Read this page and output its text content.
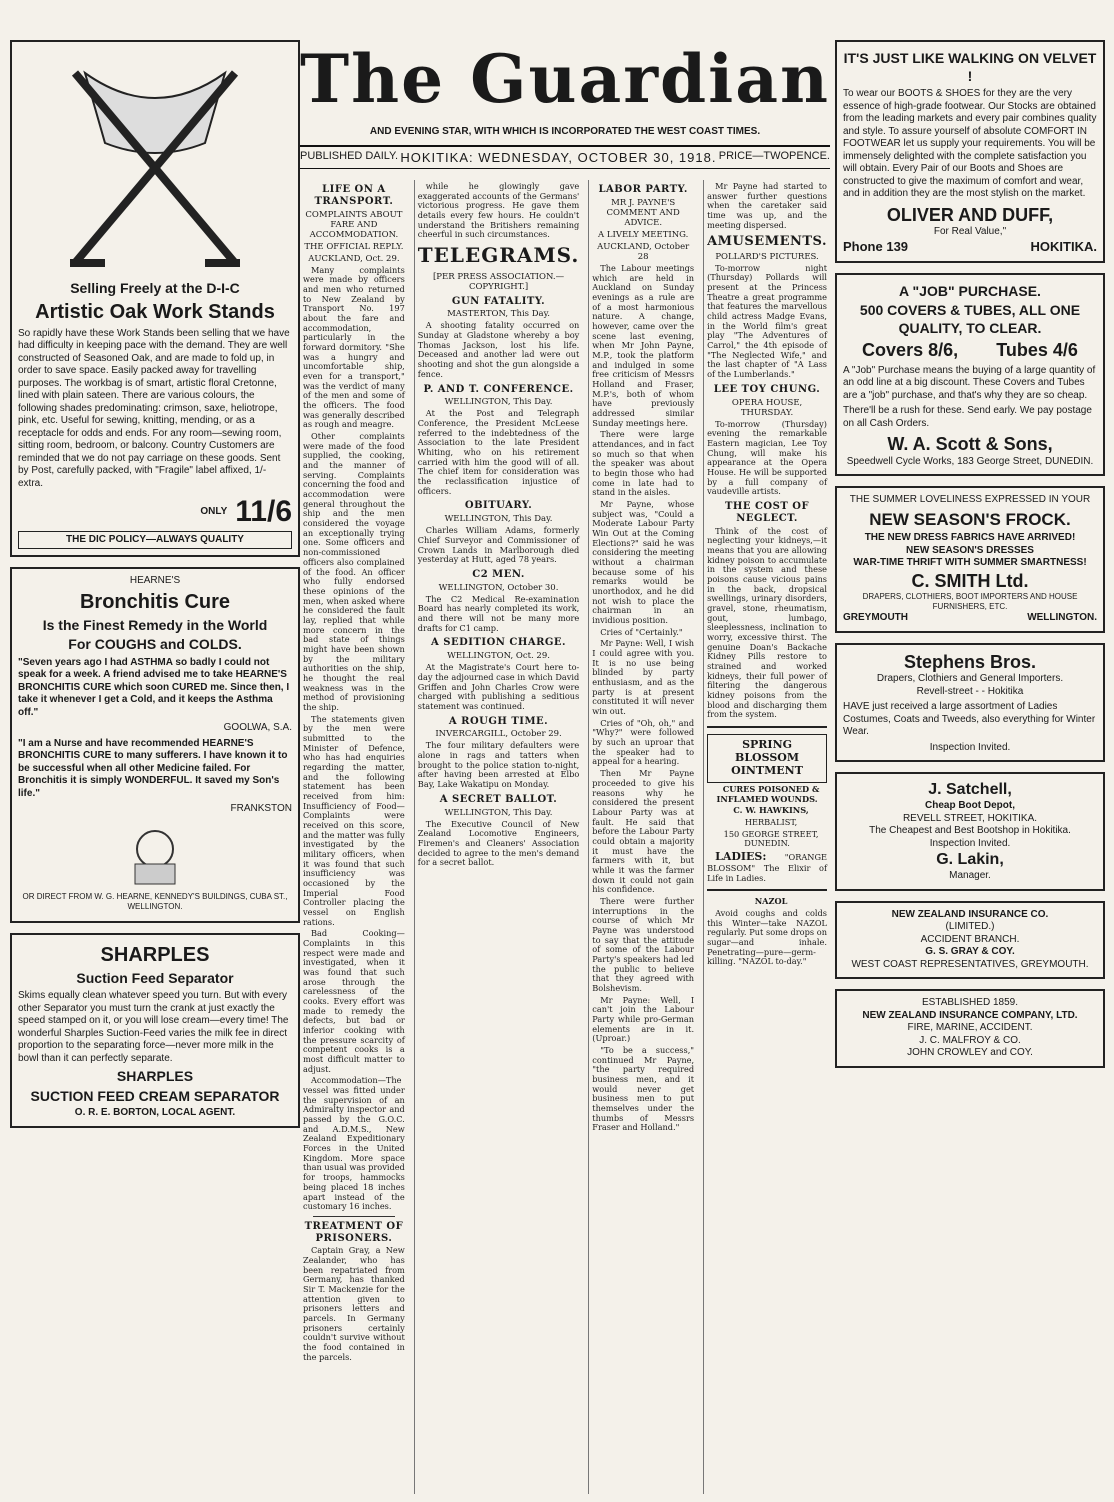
Selling Freely at the D-I-C
Artistic Oak Work Stands

So rapidly have these Work Stands been selling that we have had difficulty in keeping pace with the demand. They are well constructed of Seasoned Oak, and are made to fold up, in order to save space. Easily packed away for travelling purposes. The workbag is of smart, artistic floral Cretonne, lined with plain sateen. There are various colours, the following shades predominating: crimson, saxe, heliotrope, pink, etc. Useful for sewing, knitting, mending, or as a receptacle for odds and ends. For any room—sewing room, sitting room, bedroom, or balcony. Country Customers are reminded that we do not pay carriage on these goods. Sent by Post, carefully packed, with "Fragile" label affixed, 1/- extra.

ONLY 11/6
THE DIC POLICY—ALWAYS QUALITY
HEARNE'S
Bronchitis Cure
Is the Finest Remedy in the World
For COUGHS and COLDS.

"Seven years ago I had ASTHMA so badly I could not speak for a week. A friend advised me to take HEARNE'S BRONCHITIS CURE which soon CURED me. Since then, I take it whenever I get a Cold, and it keeps the Asthma off."

GOOLWA, S.A.

"I am a Nurse and have recommended HEARNE'S BRONCHITIS CURE to many sufferers. I have known it to be successful when all other Medicine failed. For Bronchitis it is simply WONDERFUL. It saved my Son's life."

FRANKSTON

OR DIRECT FROM W. G. HEARNE, KENNEDY'S BUILDINGS, CUBA ST., WELLINGTON.

SHARPLES
Suction Feed Separator

Skims equally clean whatever speed you turn. But with every other Separator you must turn the crank at just exactly the speed stamped on it, or you will lose cream—every time! The wonderful Sharples Suction-Feed varies the milk fee in direct proportion to the separating force—never more milk in the bowl than it can perfectly separate.

SHARPLES
SUCTION FEED CREAM SEPARATOR
O. R. E. BORTON, LOCAL AGENT.
The Guardian
AND EVENING STAR, WITH WHICH IS INCORPORATED THE WEST COAST TIMES.
PUBLISHED DAILY. HOKITIKA: WEDNESDAY, OCTOBER 30, 1918. PRICE—TWOPENCE.
LIFE ON A TRANSPORT.
COMPLAINTS ABOUT FARE AND ACCOMMODATION.
THE OFFICIAL REPLY.
AUCKLAND, Oct. 29.

Many complaints were made by officers and men who returned to New Zealand by Transport No. 197 about the fare and accommodation, particularly in the forward dormitory. "She was a hungry and uncomfortable ship, even for a transport," was the verdict of many of the men and some of the officers. The food was generally described as rough and meagre.

Other complaints were made of the food supplied, the cooking, and the manner of serving. Complaints concerning the food and accommodation were general throughout the ship and the men considered the voyage an exceptionally trying one. Some officers and non-commissioned officers also complained of the food. An officer who fully endorsed these opinions of the men, when asked where he considered the fault lay, replied that while more concern in the bad state of things might have been shown by the military authorities on the ship, he thought the real weakness was in the method of provisioning the ship.

The statements given by the men were submitted to the Minister of Defence, who has had enquiries regarding the matter, and the following statement has been received from him: Insufficiency of Food—Complaints were received on this score, and the matter was fully investigated by the military officers, when it was found that such insufficiency was occasioned by the Imperial Food Controller placing the vessel on English rations.

Bad Cooking—Complaints in this respect were made and investigated, when it was found that such arose through the carelessness of the cooks. Every effort was made to remedy the defects, but bad or inferior cooking with the pressure scarcity of competent cooks is a most difficult matter to adjust.

Accommodation—The vessel was fitted under the supervision of an Admiralty inspector and passed by the G.O.C. and A.D.M.S., New Zealand Expeditionary Forces in the United Kingdom. More space than usual was provided for troops, hammocks being placed 18 inches apart instead of the customary 16 inches.

TREATMENT OF PRISONERS.

Captain Gray, a New Zealander, who has been repatriated from Germany, has thanked Sir T. Mackenzie for the attention given to prisoners letters and parcels. In Germany prisoners certainly couldn't survive without the food contained in the parcels.

while he glowingly gave exaggerated accounts of the Germans' victorious progress. He gave them details every few hours. He couldn't understand the Britishers remaining cheerful in such circumstances.

TELEGRAMS.
[PER PRESS ASSOCIATION.—COPYRIGHT.]
GUN FATALITY.
MASTERTON, This Day.

A shooting fatality occurred on Sunday at Gladstone whereby a boy Thomas Jackson, lost his life. Deceased and another lad were out shooting and shot the gun alongside a fence.

P. AND T. CONFERENCE.
WELLINGTON, This Day.

At the Post and Telegraph Conference, the President McLeese referred to the indebtedness of the Association to the late President Whiting, who on his retirement carried with him the good will of all. The chief item for consideration was the reclassification injustice of officers.

OBITUARY.
WELLINGTON, This Day.

Charles William Adams, formerly Chief Surveyor and Commissioner of Crown Lands in Marlborough died yesterday at Hutt, aged 78 years.

C2 MEN.
WELLINGTON, October 30.

The C2 Medical Re-examination Board has nearly completed its work, and there will not be many more drafts for C1 camp.

A SEDITION CHARGE.
WELLINGTON, Oct. 29.

At the Magistrate's Court here to-day the adjourned case in which David Griffen and John Charles Crow were charged with publishing a seditious statement was continued.

A ROUGH TIME.
INVERCARGILL, October 29.

The four military defaulters were alone in rags and tatters when brought to the police station to-night, after having been arrested at Elbo Bay, Lake Wakatipu on Monday.

A SECRET BALLOT.
WELLINGTON, This Day.

The Executive Council of New Zealand Locomotive Engineers, Firemen's and Cleaners' Association decided to agree to the men's demand for a secret ballot.

LABOR PARTY.
MR J. PAYNE'S COMMENT AND ADVICE.
A LIVELY MEETING.
AUCKLAND, October 28

The Labour meetings which are held in Auckland on Sunday evenings as a rule are of a most harmonious nature. A change, however, came over the scene last evening, when Mr John Payne, M.P., took the platform and indulged in some free criticism of Messrs Holland and Fraser, M.P.'s, both of whom have previously addressed similar Sunday meetings here.

There were large attendances, and in fact so much so that when the speaker was about to begin those who had come in late had to stand in the aisles.

Mr Payne, whose subject was, "Could a Moderate Labour Party Win Out at the Coming Elections?" said he was considering the meeting without a chairman because some of his remarks would be unorthodox, and he did not wish to place the chairman in an invidious position.

Cries of "Certainly."

Mr Payne: Well, I wish I could agree with you. It is no use being blinded by party enthusiasm, and as the party is at present constituted it will never win out.

Cries of "Oh, oh," and "Why?" were followed by such an uproar that the speaker had to appeal for a hearing.

Then Mr Payne proceeded to give his reasons why he considered the present Labour Party was at fault. He said that before the Labour Party could obtain a majority it must have the farmers with it, but while it was the farmer down it could not gain his confidence.

There were further interruptions in the course of which Mr Payne was understood to say that the attitude of some of the Labour Party's speakers had led the public to believe that they agreed with Bolshevism.

Mr Payne: Well, I can't join the Labour Party while pro-German elements are in it. (Uproar.)

"To be a success," continued Mr Payne, "the party required business men, and it would never get business men to put themselves under the thumbs of Messrs Fraser and Holland."

Mr Payne had started to answer further questions when the caretaker said time was up, and the meeting dispersed.

AMUSEMENTS.
POLLARD'S PICTURES.

To-morrow night (Thursday) Pollards will present at the Princess Theatre a great programme that features the marvellous child actress Madge Evans, in the World film's great play "The Adventures of Carrol," the 4th episode of "The Neglected Wife," and the last chapter of "A Lass of the Lumberlands."

LEE TOY CHUNG.
OPERA HOUSE, THURSDAY.

To-morrow (Thursday) evening the remarkable Eastern magician, Lee Toy Chung, will make his appearance at the Opera House. He will be supported by a full company of vaudeville artists.

THE COST OF NEGLECT.

Think of the cost of neglecting your kidneys,—it means that you are allowing kidney poison to accumulate in the system and these poisons cause vicious pains in the back, dropsical swellings, urinary disorders, gravel, stone, rheumatism, gout, lumbago, sleeplessness, inclination to worry, excessive thirst. The genuine Doan's Backache Kidney Pills restore to strained and worked kidneys, their full power of filtering the dangerous kidney poisons from the blood and discharging them from the system.

SPRING BLOSSOM OINTMENT

CURES POISONED & INFLAMED WOUNDS.

C. W. HAWKINS,

HERBALIST,

150 GEORGE STREET, DUNEDIN.

LADIES: "ORANGE BLOSSOM" The Elixir of Life in Ladies.

NAZOL

Avoid coughs and colds this Winter—take NAZOL regularly. Put some drops on sugar—and inhale. Penetrating—pure—germ-killing. "NAZOL to-day."

IT'S JUST LIKE WALKING ON VELVET !

To wear our BOOTS & SHOES for they are the very essence of high-grade footwear. Our Stocks are obtained from the leading markets and every pair combines quality and style. To assure yourself of absolute COMFORT IN FOOTWEAR let us supply your requirements. You will be immensely delighted with the complete satisfaction you will obtain. Every Pair of our Boots and Shoes are constructed to give the maximum of comfort and wear, and in addition they are the most stylish on the market.

OLIVER AND DUFF,
For Real Value,"
Phone 139	HOKITIKA.
A "JOB" PURCHASE.
500 COVERS & TUBES, ALL ONE QUALITY, TO CLEAR.
Covers 8/6, Tubes 4/6

A "Job" Purchase means the buying of a large quantity of an odd line at a big discount. These Covers and Tubes are a "job" purchase, and that's why they are so cheap.

There'll be a rush for these. Send early. We pay postage on all Cash Orders.

W. A. Scott & Sons,
Speedwell Cycle Works, 183 George Street, DUNEDIN.
THE SUMMER LOVELINESS EXPRESSED IN YOUR
NEW SEASON'S FROCK.
THE NEW DRESS FABRICS HAVE ARRIVED!
NEW SEASON'S DRESSES
WAR-TIME THRIFT WITH SUMMER SMARTNESS!
C. SMITH Ltd.
DRAPERS, CLOTHIERS, BOOT IMPORTERS AND HOUSE FURNISHERS, ETC.
GREYMOUTH	WELLINGTON.
Stephens Bros.
Drapers, Clothiers and General Importers.
Revell-street - - Hokitika

HAVE just received a large assortment of Ladies Costumes, Coats and Tweeds, also everything for Winter Wear.

Inspection Invited.
J. Satchell,
Cheap Boot Depot,
REVELL STREET, HOKITIKA.
The Cheapest and Best Bootshop in Hokitika.
Inspection Invited.
G. Lakin,
Manager.
NEW ZEALAND INSURANCE CO.
(LIMITED.)
ACCIDENT BRANCH.
G. S. GRAY & COY.
WEST COAST REPRESENTATIVES, GREYMOUTH.
ESTABLISHED 1859.
NEW ZEALAND INSURANCE COMPANY, LTD.
FIRE, MARINE, ACCIDENT.
J. C. MALFROY & CO.
JOHN CROWLEY and COY.
